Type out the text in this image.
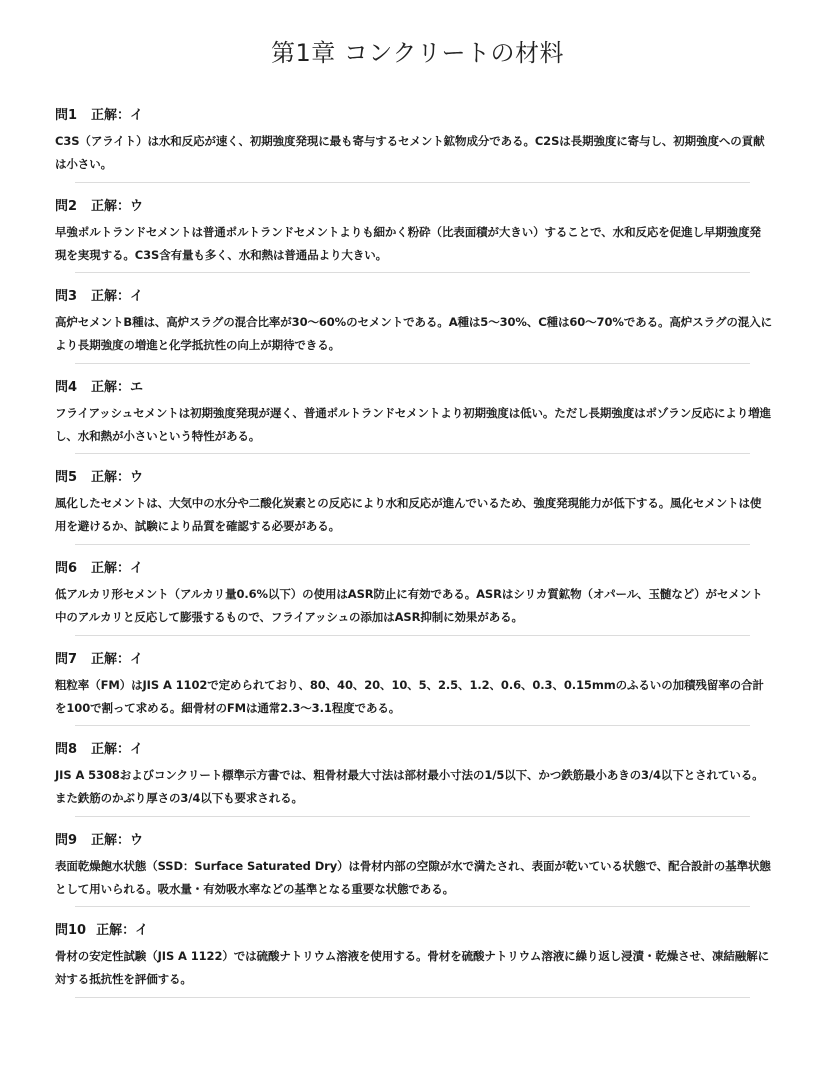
第1章 コンクリートの材料
問1 正解：イ
C3S（アライト）は水和反応が速く、初期強度発現に最も寄与するセメント鉱物成分である。C2Sは長期強度に寄与し、初期強度への貢献は小さい。
問2 正解：ウ
早強ポルトランドセメントは普通ポルトランドセメントよりも細かく粉砕（比表面積が大きい）することで、水和反応を促進し早期強度発現を実現する。C3S含有量も多く、水和熱は普通品より大きい。
問3 正解：イ
高炉セメントB種は、高炉スラグの混合比率が30～60%のセメントである。A種は5～30%、C種は60～70%である。高炉スラグの混入により長期強度の増進と化学抵抗性の向上が期待できる。
問4 正解：エ
フライアッシュセメントは初期強度発現が遅く、普通ポルトランドセメントより初期強度は低い。ただし長期強度はポゾラン反応により増進し、水和熱が小さいという特性がある。
問5 正解：ウ
風化したセメントは、大気中の水分や二酸化炭素との反応により水和反応が進んでいるため、強度発現能力が低下する。風化セメントは使用を避けるか、試験により品質を確認する必要がある。
問6 正解：イ
低アルカリ形セメント（アルカリ量0.6%以下）の使用はASR防止に有効である。ASRはシリカ質鉱物（オパール、玉髄など）がセメント中のアルカリと反応して膨張するもので、フライアッシュの添加はASR抑制に効果がある。
問7 正解：イ
粗粒率（FM）はJIS A 1102で定められており、80、40、20、10、5、2.5、1.2、0.6、0.3、0.15mmのふるいの加積残留率の合計を100で割って求める。細骨材のFMは通常2.3～3.1程度である。
問8 正解：イ
JIS A 5308およびコンクリート標準示方書では、粗骨材最大寸法は部材最小寸法の1/5以下、かつ鉄筋最小あきの3/4以下とされている。また鉄筋のかぶり厚さの3/4以下も要求される。
問9 正解：ウ
表面乾燥飽水状態（SSD：Surface Saturated Dry）は骨材内部の空隙が水で満たされ、表面が乾いている状態で、配合設計の基準状態として用いられる。吸水量・有効吸水率などの基準となる重要な状態である。
問10 正解：イ
骨材の安定性試験（JIS A 1122）では硫酸ナトリウム溶液を使用する。骨材を硫酸ナトリウム溶液に繰り返し浸漬・乾燥させ、凍結融解に対する抵抗性を評価する。
